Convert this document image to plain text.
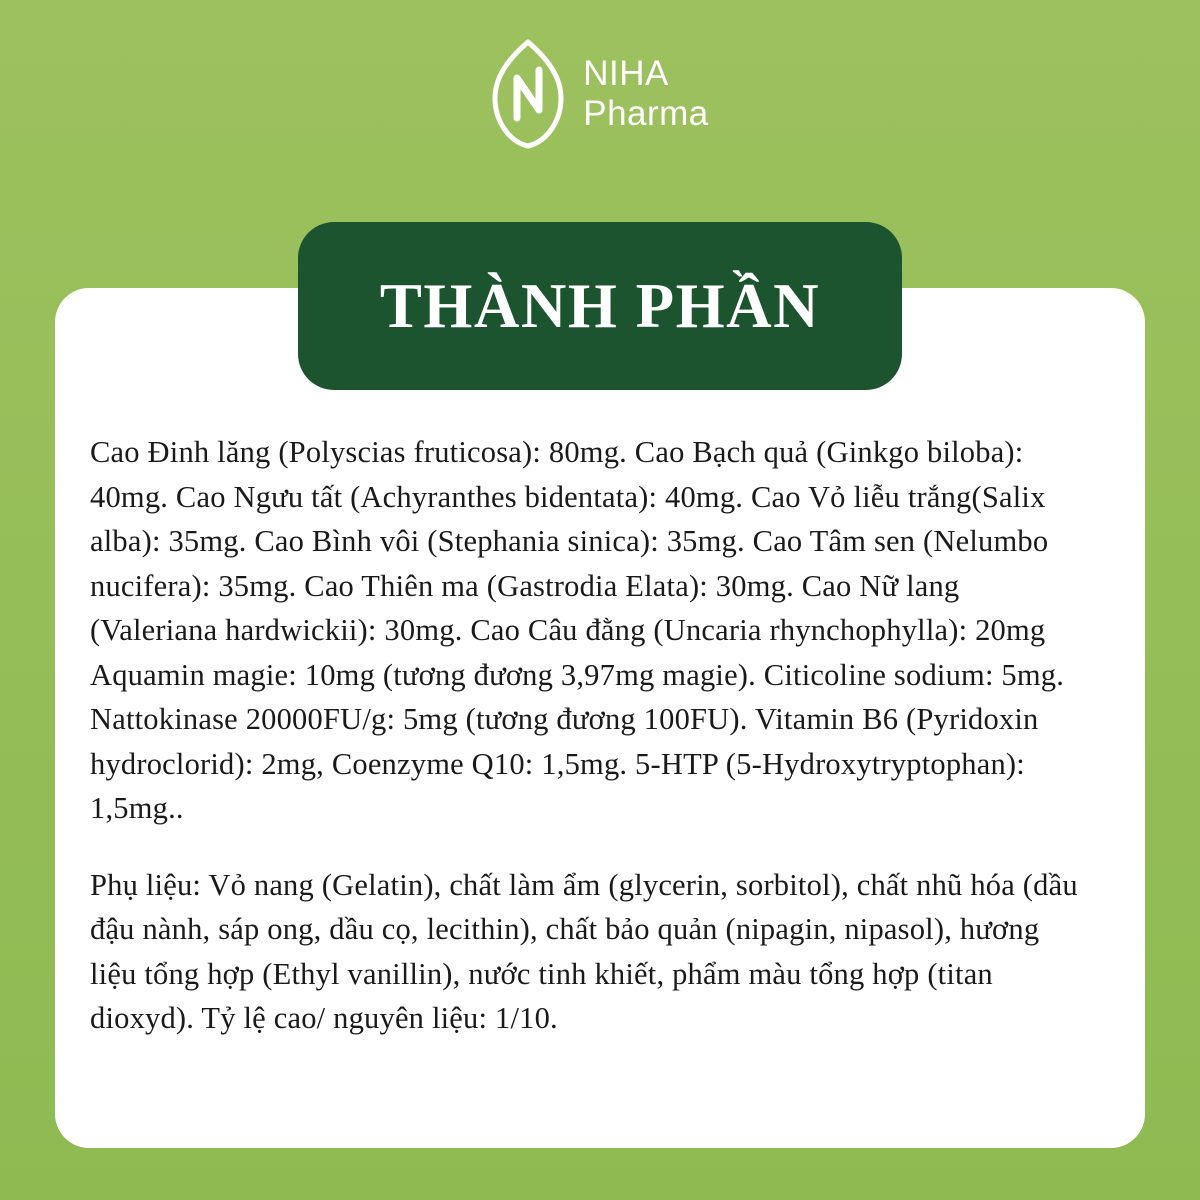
NIHA
Pharma
THÀNH PHẦN

Cao Đinh lăng (Polyscias fruticosa): 80mg. Cao Bạch quả (Ginkgo biloba): 40mg. Cao Ngưu tất (Achyranthes bidentata): 40mg. Cao Vỏ liễu trắng(Salix alba): 35mg. Cao Bình vôi (Stephania sinica): 35mg. Cao Tâm sen (Nelumbo nucifera): 35mg. Cao Thiên ma (Gastrodia Elata): 30mg. Cao Nữ lang (Valeriana hardwickii): 30mg. Cao Câu đằng (Uncaria rhynchophylla): 20mg Aquamin magie: 10mg (tương đương 3,97mg magie). Citicoline sodium: 5mg. Nattokinase 20000FU/g: 5mg (tương đương 100FU). Vitamin B6 (Pyridoxin hydroclorid): 2mg, Coenzyme Q10: 1,5mg. 5-HTP (5-Hydroxytryptophan): 1,5mg..

Phụ liệu: Vỏ nang (Gelatin), chất làm ẩm (glycerin, sorbitol), chất nhũ hóa (dầu đậu nành, sáp ong, dầu cọ, lecithin), chất bảo quản (nipagin, nipasol), hương liệu tổng hợp (Ethyl vanillin), nước tinh khiết, phẩm màu tổng hợp (titan dioxyd). Tỷ lệ cao/ nguyên liệu: 1/10.
